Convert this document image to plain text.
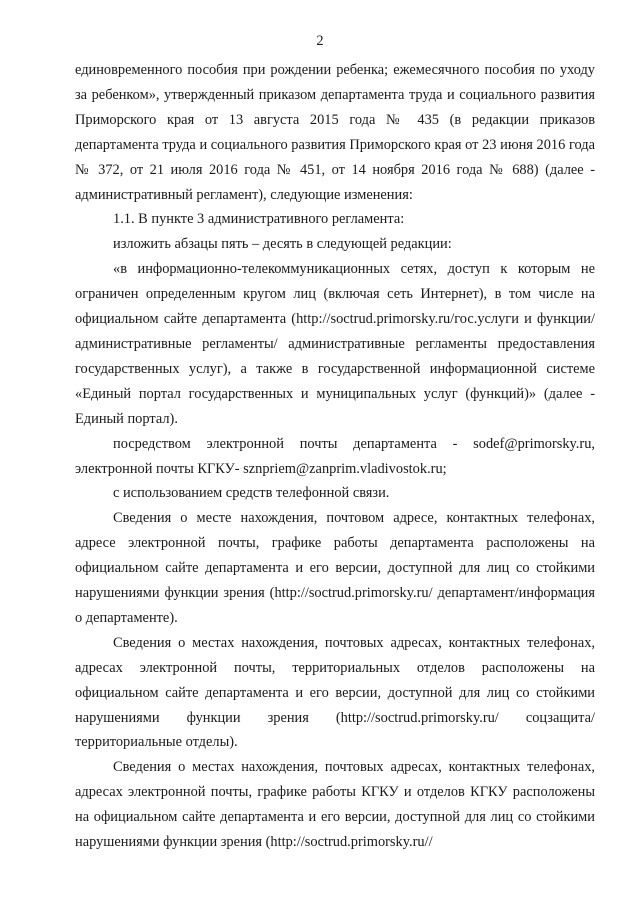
2

единовременного пособия при рождении ребенка; ежемесячного пособия по уходу за ребенком», утвержденный приказом департамента труда и социального развития Приморского края от 13 августа 2015 года № 435 (в редакции приказов департамента труда и социального развития Приморского края от 23 июня 2016 года № 372, от 21 июля 2016 года № 451, от 14 ноября 2016 года № 688) (далее - административный регламент), следующие изменения:

1.1. В пункте 3 административного регламента:

изложить абзацы пять – десять в следующей редакции:

«в информационно-телекоммуникационных сетях, доступ к которым не ограничен определенным кругом лиц (включая сеть Интернет), в том числе на официальном сайте департамента (http://soctrud.primorsky.ru/гос.услуги и функции/административные регламенты/ административные регламенты предоставления государственных услуг), а также в государственной информационной системе «Единый портал государственных и муниципальных услуг (функций)» (далее - Единый портал).

посредством электронной почты департамента - sodef@primorsky.ru, электронной почты КГКУ- sznpriem@zanprim.vladivostok.ru;

с использованием средств телефонной связи.

Сведения о месте нахождения, почтовом адресе, контактных телефонах, адресе электронной почты, графике работы департамента расположены на официальном сайте департамента и его версии, доступной для лиц со стойкими нарушениями функции зрения (http://soctrud.primorsky.ru/ департамент/информация о департаменте).

Сведения о местах нахождения, почтовых адресах, контактных телефонах, адресах электронной почты, территориальных отделов расположены на официальном сайте департамента и его версии, доступной для лиц со стойкими нарушениями функции зрения (http://soctrud.primorsky.ru/ соцзащита/территориальные отделы).

Сведения о местах нахождения, почтовых адресах, контактных телефонах, адресах электронной почты, графике работы КГКУ и отделов КГКУ расположены на официальном сайте департамента и его версии, доступной для лиц со стойкими нарушениями функции зрения (http://soctrud.primorsky.ru//
